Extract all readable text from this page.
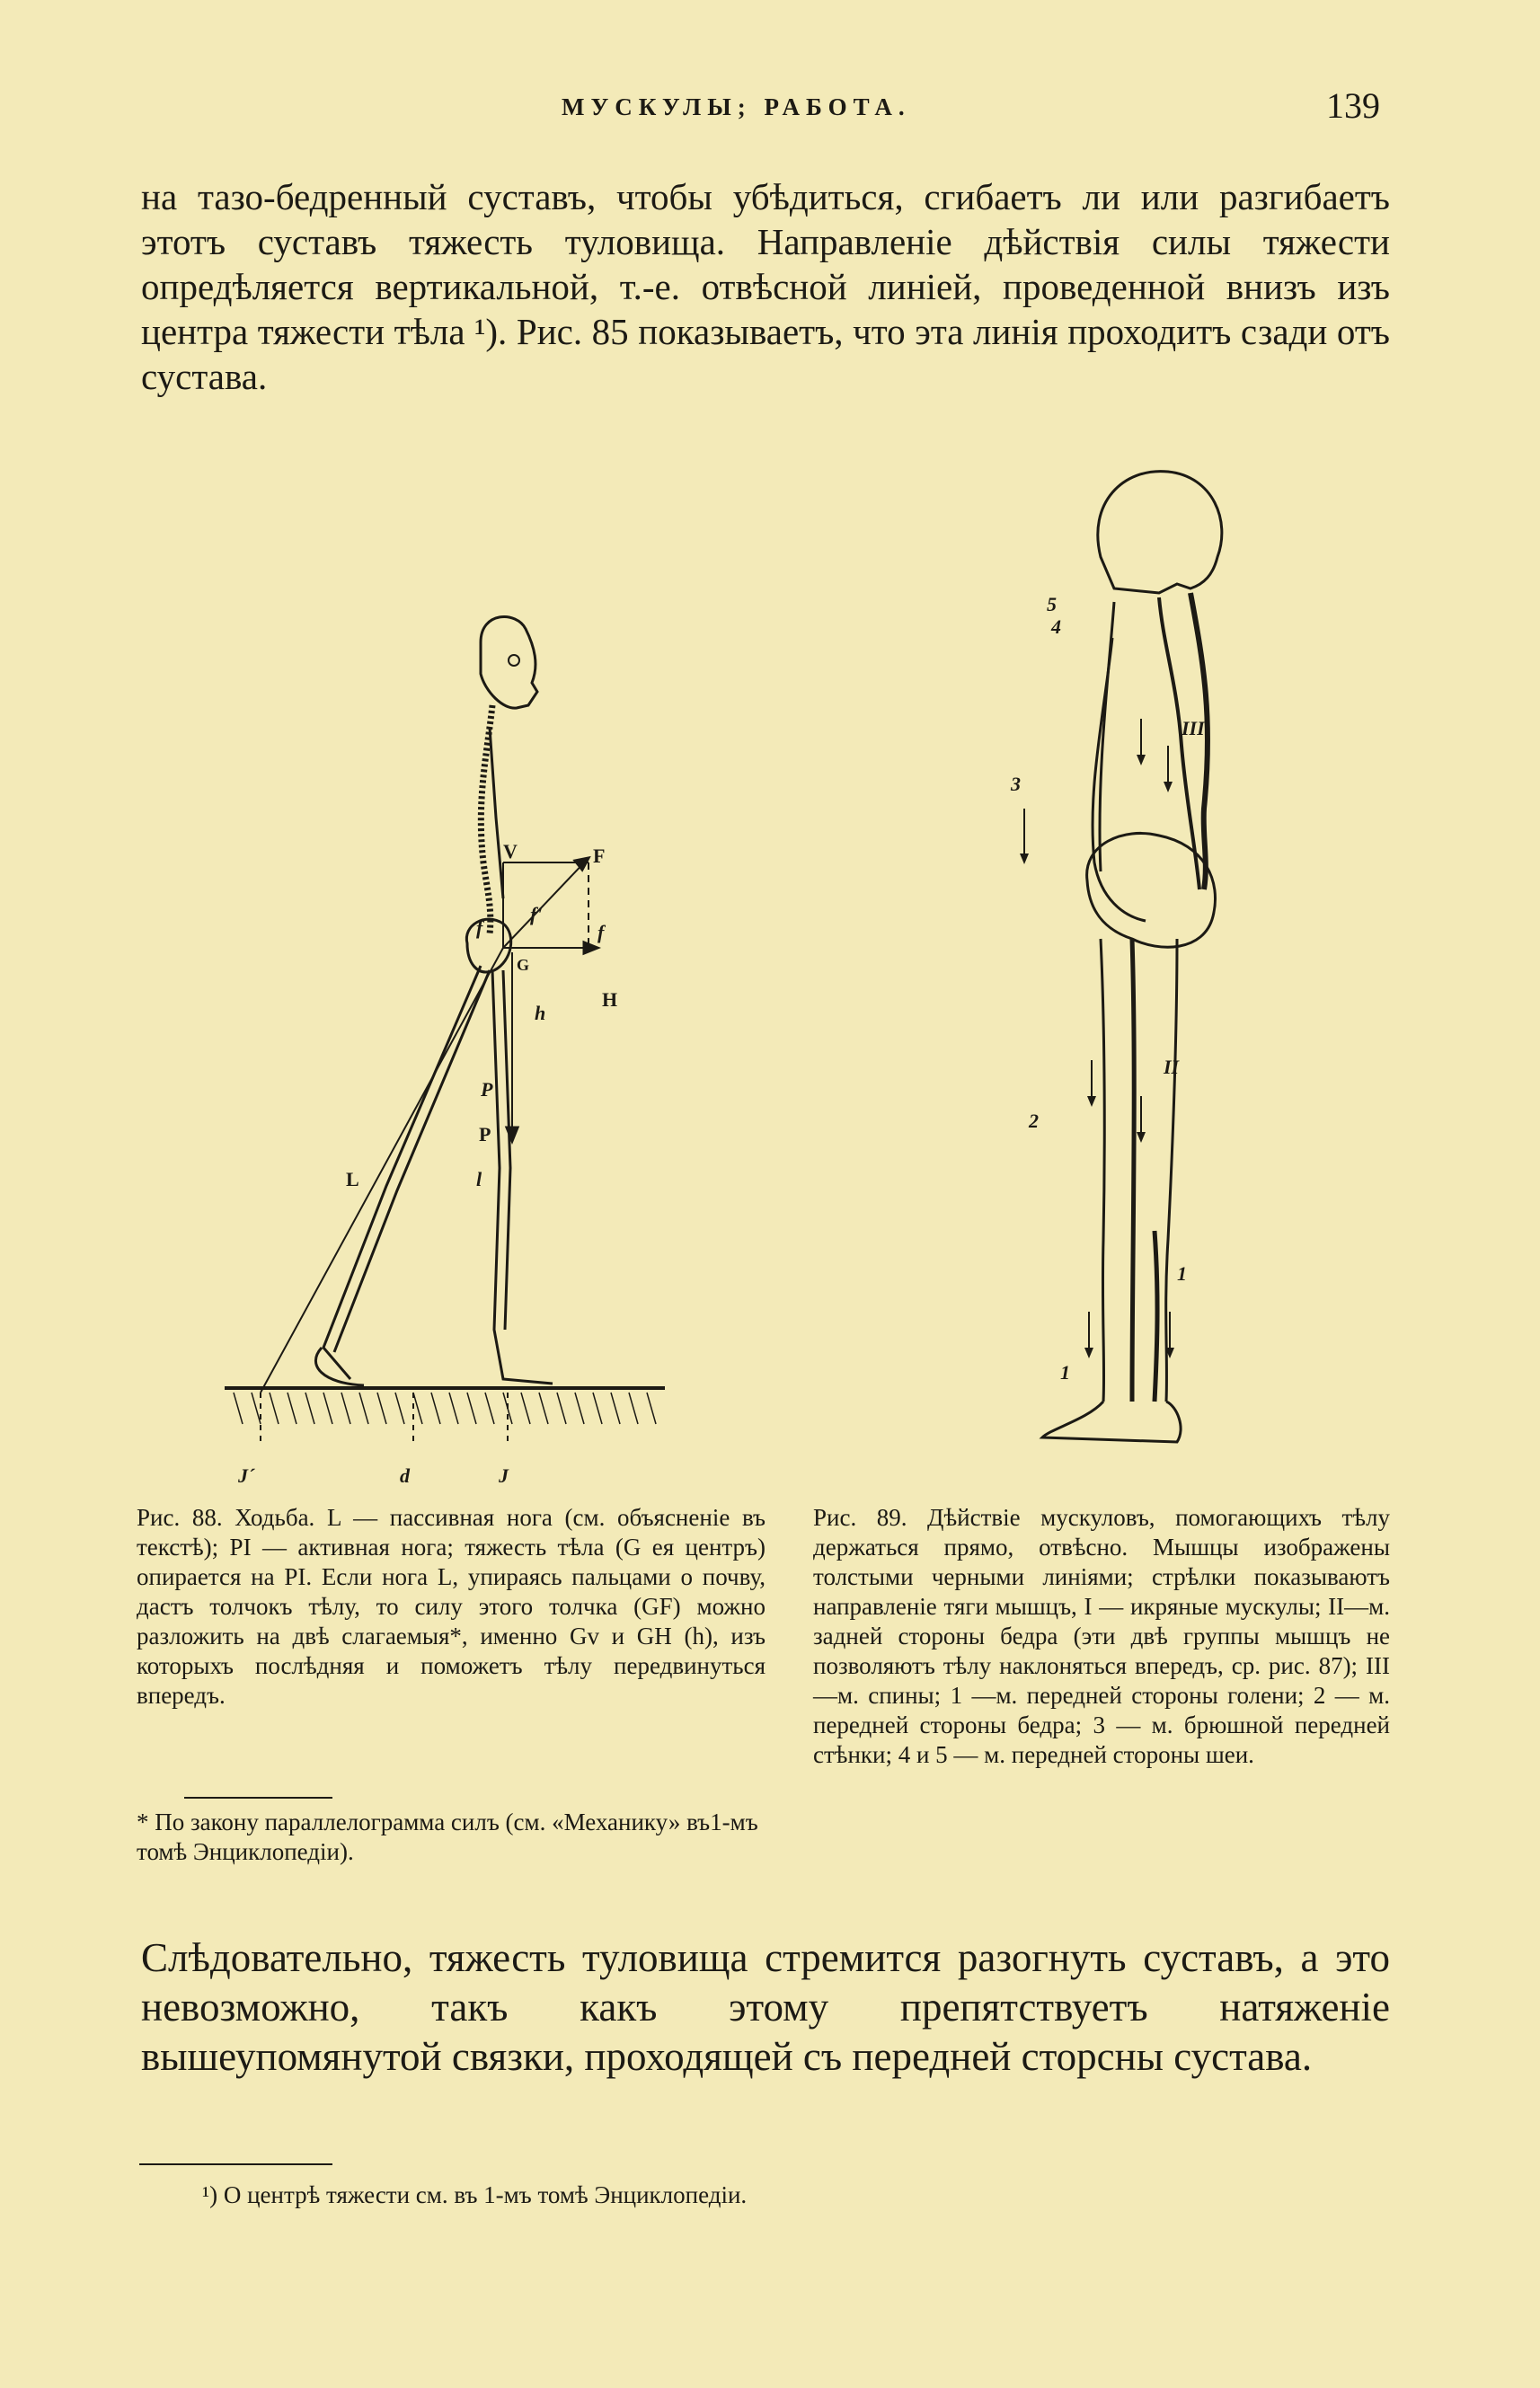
МУСКУЛЫ; РАБОТА.	139

на тазо-бедренный суставъ, чтобы убѣдиться, сгибаетъ ли или разгибаетъ этотъ суставъ тяжесть туловища. Направленіе дѣйствія силы тяжести опредѣляется вертикальной, т.-е. отвѣсной линіей, проведенной внизъ изъ центра тяжести тѣла ¹). Рис. 85 показываетъ, что эта линія проходитъ сзади отъ сустава.

V	F
f
f'
f
G
h
H
P
P
l
L
J´	d	J
5
4
3
III
II
2
1
1
Рис. 88. Ходьба. L — пассивная нога (см. объясненіе въ текстѣ); PI — активная нога; тяжесть тѣла (G ея центръ) опирается на PI. Если нога L, упираясь пальцами о почву, дастъ толчокъ тѣлу, то силу этого толчка (GF) можно разложить на двѣ слагаемыя*, именно Gv и GH (h), изъ которыхъ послѣдняя и поможетъ тѣлу передвинуться впередъ.
* По закону параллелограмма силъ (см. «Механику» въ1-мъ томѣ Энциклопедіи).
Рис. 89. Дѣйствіе мускуловъ, помогающихъ тѣлу держаться прямо, отвѣсно. Мышцы изображены толстыми черными линіями; стрѣлки показываютъ направленіе тяги мышцъ, I — икряные мускулы; II—м. задней стороны бедра (эти двѣ группы мышцъ не позволяютъ тѣлу наклоняться впередъ, ср. рис. 87); III—м. спины; 1 —м. передней стороны голени; 2 — м. передней стороны бедра; 3 — м. брюшной передней стѣнки; 4 и 5 — м. передней стороны шеи.

Слѣдовательно, тяжесть туловища стремится разогнуть суставъ, а это невозможно, такъ какъ этому препятствуетъ натяженіе вышеупомянутой связки, проходящей съ передней сторсны сустава.

¹) О центрѣ тяжести см. въ 1-мъ томѣ Энциклопедіи.
